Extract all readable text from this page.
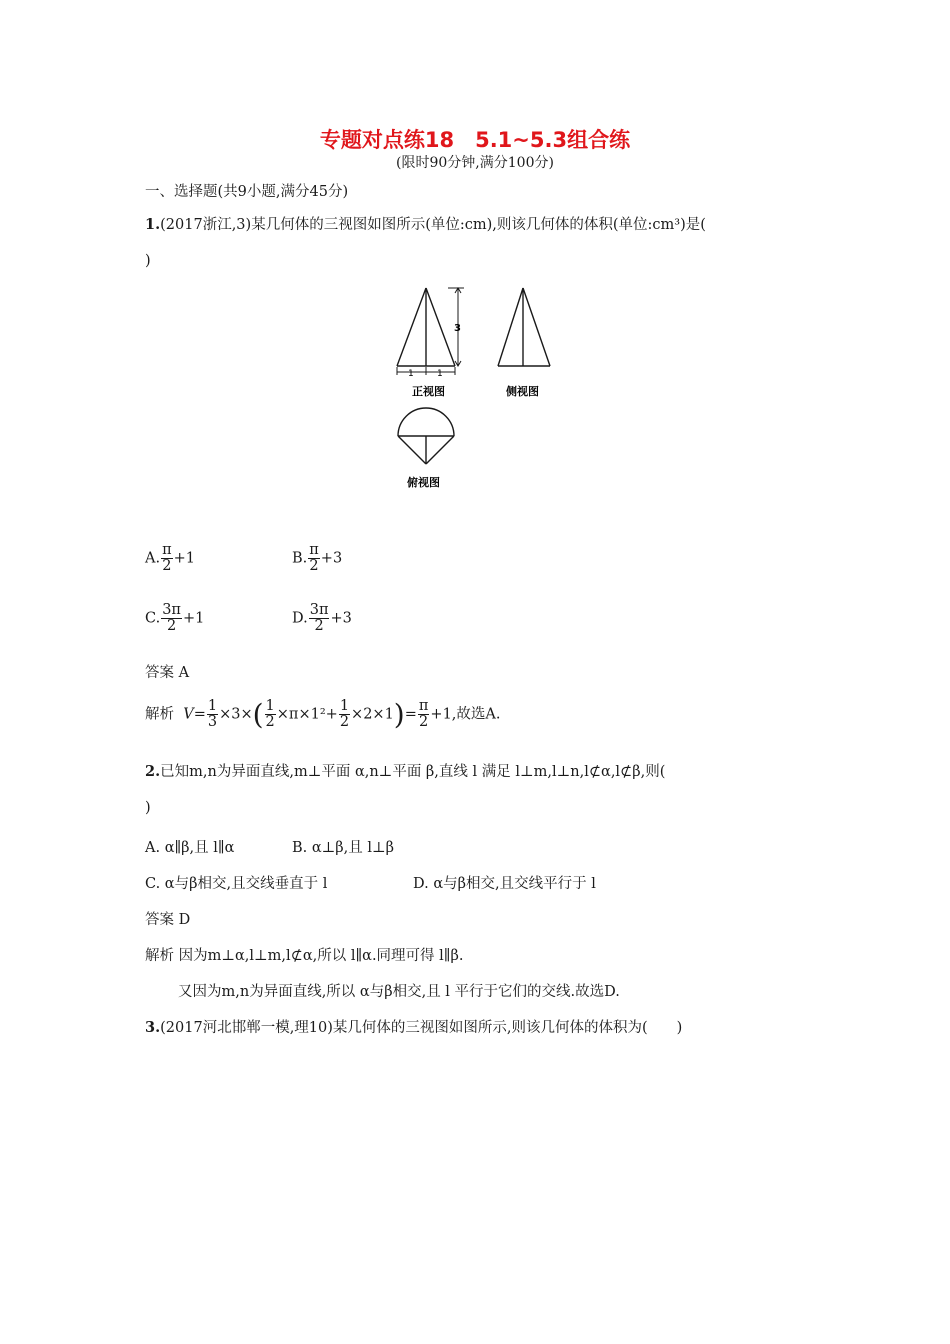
专题对点练18　5.1~5.3组合练
(限时90分钟,满分100分)
一、选择题(共9小题,满分45分)
1.(2017浙江,3)某几何体的三视图如图所示(单位:cm),则该几何体的体积(单位:cm³)是(
)
3
1	1
正视图	侧视图
俯视图
A. $\frac{\pi}{2} +1$	B. $\frac{\pi}{2} +3$
C. $\frac{3\pi}{2} +1$	D. $\frac{3\pi}{2} +3$
答案 A
解析 $V= \frac{1}{3} \times 3\times( \frac{1}{2} \times\pi\times 1^2+ \frac{1}{2} \times 2\times 1)= \frac{\pi}{2} +1$,故选A.
2.已知m,n为异面直线,m⊥平面 α,n⊥平面 β,直线 l 满足 l⊥m,l⊥n,l⊄α,l⊄β,则(
)
A. α∥β,且 l∥α	B. α⊥β,且 l⊥β
C. α与β相交,且交线垂直于 l	D. α与β相交,且交线平行于 l
答案 D
解析 因为m⊥α,l⊥m,l⊄α,所以 l∥α.同理可得 l∥β.
又因为m,n为异面直线,所以 α与β相交,且 l 平行于它们的交线.故选D.
3.(2017河北邯郸一模,理10)某几何体的三视图如图所示,则该几何体的体积为(　　)
